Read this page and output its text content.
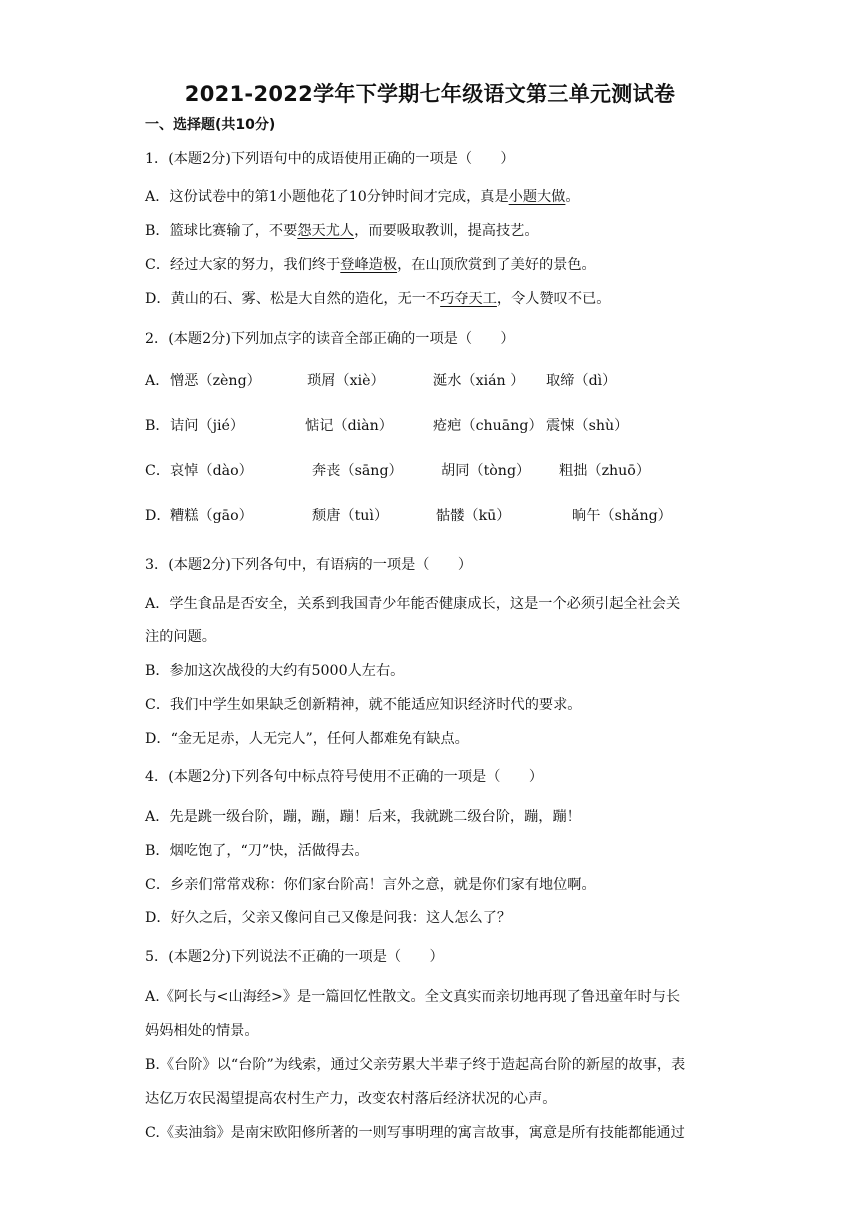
2021-2022学年下学期七年级语文第三单元测试卷
一、选择题(共10分)
1．(本题2分)下列语句中的成语使用正确的一项是（　　）
A．这份试卷中的第1小题他花了10分钟时间才完成，真是小题大做。
B．篮球比赛输了，不要怨天尤人，而要吸取教训，提高技艺。
C．经过大家的努力，我们终于登峰造极，在山顶欣赏到了美好的景色。
D．黄山的石、雾、松是大自然的造化，无一不巧夺天工，令人赞叹不已。
2．(本题2分)下列加点字的读音全部正确的一项是（　　）
A． 憎恶（zèng）	琐屑（xiè）	涎水（xián ） 取缔（dì）
B． 诘问（jié）	惦记（diàn）	疮疤（chuāng） 震悚（shù）
C． 哀悼（dào）	奔丧（sāng）	胡同（tòng） 粗拙（zhuō）
D． 糟糕（gāo）	颓唐（tuì）	骷髅（kū）	晌午（shǎng）
3．(本题2分)下列各句中，有语病的一项是（　　）
A．学生食品是否安全，关系到我国青少年能否健康成长，这是一个必须引起全社会关
注的问题。
B．参加这次战役的大约有5000人左右。
C．我们中学生如果缺乏创新精神，就不能适应知识经济时代的要求。
D．“金无足赤，人无完人”，任何人都难免有缺点。
4．(本题2分)下列各句中标点符号使用不正确的一项是（　　）
A．先是跳一级台阶，蹦，蹦，蹦！后来，我就跳二级台阶，蹦，蹦！
B．烟吃饱了，“刀”快，活做得去。
C．乡亲们常常戏称：你们家台阶高！言外之意，就是你们家有地位啊。
D．好久之后，父亲又像问自己又像是问我：这人怎么了？
5．(本题2分)下列说法不正确的一项是（　　）
A.《阿长与<山海经>》是一篇回忆性散文。全文真实而亲切地再现了鲁迅童年时与长
妈妈相处的情景。
B.《台阶》以“台阶”为线索，通过父亲劳累大半辈子终于造起高台阶的新屋的故事，表
达亿万农民渴望提高农村生产力，改变农村落后经济状况的心声。
C.《卖油翁》是南宋欧阳修所著的一则写事明理的寓言故事，寓意是所有技能都能通过
